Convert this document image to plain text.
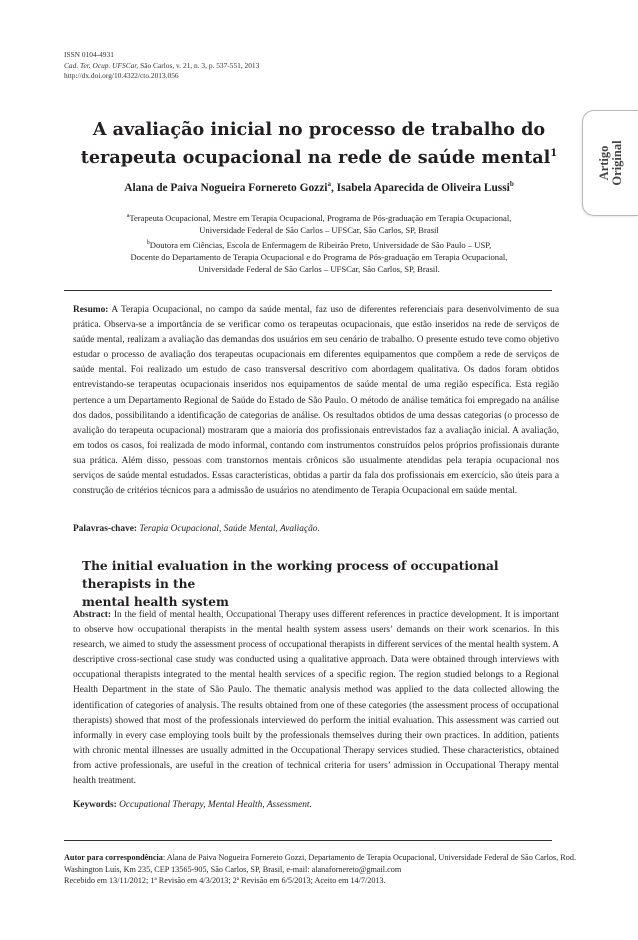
ISSN 0104-4931
Cad. Ter. Ocup. UFSCar, São Carlos, v. 21, n. 3, p. 537-551, 2013
http://dx.doi.org/10.4322/cto.2013.056
Artigo Original
A avaliação inicial no processo de trabalho do
terapeuta ocupacional na rede de saúde mental$^1$
Alana de Paiva Nogueira Fornereto Gozzi$^a$, Isabela Aparecida de Oliveira Lussi$^b$

$^a$Terapeuta Ocupacional, Mestre em Terapia Ocupacional, Programa de Pós-graduação em Terapia Ocupacional,

Universidade Federal de São Carlos – UFSCar, São Carlos, SP, Brasil

$^b$Doutora em Ciências, Escola de Enfermagem de Ribeirão Preto, Universidade de São Paulo – USP,

Docente do Departamento de Terapia Ocupacional e do Programa de Pós-graduação em Terapia Ocupacional,

Universidade Federal de São Carlos – UFSCar, São Carlos, SP, Brasil.

Resumo: A Terapia Ocupacional, no campo da saúde mental, faz uso de diferentes referenciais para desenvolvimento de sua prática. Observa-se a importância de se verificar como os terapeutas ocupacionais, que estão inseridos na rede de serviços de saúde mental, realizam a avaliação das demandas dos usuários em seu cenário de trabalho. O presente estudo teve como objetivo estudar o processo de avaliação dos terapeutas ocupacionais em diferentes equipamentos que compõem a rede de serviços de saúde mental. Foi realizado um estudo de caso transversal descritivo com abordagem qualitativa. Os dados foram obtidos entrevistando-se terapeutas ocupacionais inseridos nos equipamentos de saúde mental de uma região específica. Esta região pertence a um Departamento Regional de Saúde do Estado de São Paulo. O método de análise temática foi empregado na análise dos dados, possibilitando a identificação de categorias de análise. Os resultados obtidos de uma dessas categorias (o processo de avalição do terapeuta ocupacional) mostraram que a maioria dos profissionais entrevistados faz a avaliação inicial. A avaliação, em todos os casos, foi realizada de modo informal, contando com instrumentos construídos pelos próprios profissionais durante sua prática. Além disso, pessoas com transtornos mentais crônicos são usualmente atendidas pela terapia ocupacional nos serviços de saúde mental estudados. Essas características, obtidas a partir da fala dos profissionais em exercício, são úteis para a construção de critérios técnicos para a admissão de usuários no atendimento de Terapia Ocupacional em saúde mental.

Palavras-chave: Terapia Ocupacional, Saúde Mental, Avaliação.
The initial evaluation in the working process of occupational therapists in the
mental health system

Abstract: In the field of mental health, Occupational Therapy uses different references in practice development. It is important to observe how occupational therapists in the mental health system assess users’ demands on their work scenarios. In this research, we aimed to study the assessment process of occupational therapists in different services of the mental health system. A descriptive cross-sectional case study was conducted using a qualitative approach. Data were obtained through interviews with occupational therapists integrated to the mental health services of a specific region. The region studied belongs to a Regional Health Department in the state of São Paulo. The thematic analysis method was applied to the data collected allowing the identification of categories of analysis. The results obtained from one of these categories (the assessment process of occupational therapists) showed that most of the professionals interviewed do perform the initial evaluation. This assessment was carried out informally in every case employing tools built by the professionals themselves during their own practices. In addition, patients with chronic mental illnesses are usually admitted in the Occupational Therapy services studied. These characteristics, obtained from active professionals, are useful in the creation of technical criteria for users’ admission in Occupational Therapy mental health treatment.

Keywords: Occupational Therapy, Mental Health, Assessment.
Autor para correspondência: Alana de Paiva Nogueira Fornereto Gozzi, Departamento de Terapia Ocupacional, Universidade Federal de São Carlos, Rod. Washington Luís, Km 235, CEP 13565-905, São Carlos, SP, Brasil, e-mail: alanafornereto@gmail.com
Recebido em 13/11/2012; 1ª Revisão em 4/3/2013; 2ª Revisão em 6/5/2013; Aceito em 14/7/2013.
